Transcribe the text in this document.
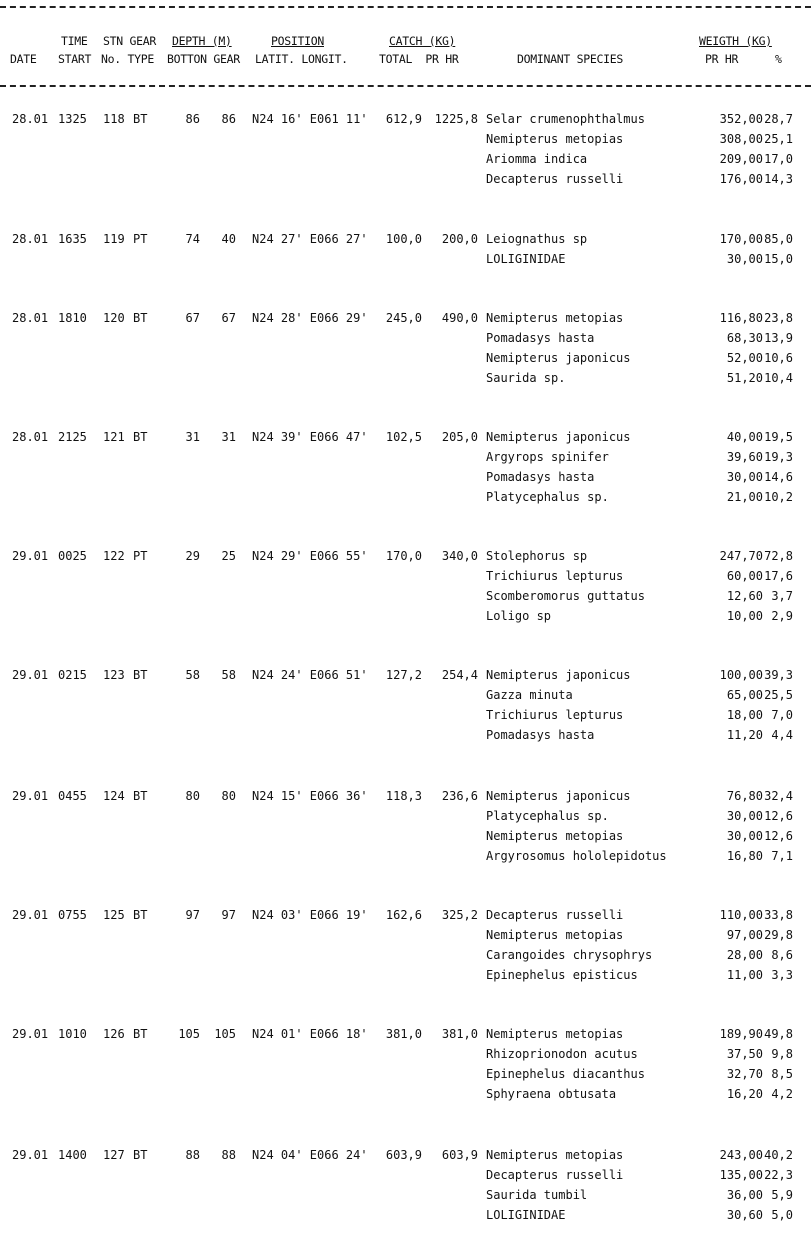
TIME STN GEAR DEPTH (M)	POSITION	CATCH (KG)	WEIGTH (KG)
DATE START No. TYPE BOTTON GEAR LATIT. LONGIT.	TOTAL  PR HR	DOMINANT SPECIES	PR HR	%
28.01 1325	118 BT	86	86 N24 16' E061 11'	612,9	1225,8 Selar crumenophthalmus	352,00 28,7
Nemipterus metopias	308,00 25,1
Ariomma indica	209,00 17,0
Decapterus russelli	176,00 14,3
28.01 1635	119 PT	74	40 N24 27' E066 27'	100,0	200,0 Leiognathus sp	170,00 85,0
LOLIGINIDAE	30,00 15,0
28.01 1810	120 BT	67	67 N24 28' E066 29'	245,0	490,0 Nemipterus metopias	116,80 23,8
Pomadasys hasta	68,30 13,9
Nemipterus japonicus	52,00 10,6
Saurida sp.	51,20 10,4
28.01 2125	121 BT	31	31 N24 39' E066 47'	102,5	205,0 Nemipterus japonicus	40,00 19,5
Argyrops spinifer	39,60 19,3
Pomadasys hasta	30,00 14,6
Platycephalus sp.	21,00 10,2
29.01 0025	122 PT	29	25 N24 29' E066 55'	170,0	340,0 Stolephorus sp	247,70 72,8
Trichiurus lepturus	60,00 17,6
Scomberomorus guttatus	12,60 3,7
Loligo sp	10,00 2,9
29.01 0215	123 BT	58	58 N24 24' E066 51'	127,2	254,4 Nemipterus japonicus	100,00 39,3
Gazza minuta	65,00 25,5
Trichiurus lepturus	18,00 7,0
Pomadasys hasta	11,20 4,4
29.01 0455	124 BT	80	80 N24 15' E066 36'	118,3	236,6 Nemipterus japonicus	76,80 32,4
Platycephalus sp.	30,00 12,6
Nemipterus metopias	30,00 12,6
Argyrosomus hololepidotus	16,80 7,1
29.01 0755	125 BT	97	97 N24 03' E066 19'	162,6	325,2 Decapterus russelli	110,00 33,8
Nemipterus metopias	97,00 29,8
Carangoides chrysophrys	28,00 8,6
Epinephelus episticus	11,00 3,3
29.01 1010	126 BT	105	105 N24 01' E066 18'	381,0	381,0 Nemipterus metopias	189,90 49,8
Rhizoprionodon acutus	37,50 9,8
Epinephelus diacanthus	32,70 8,5
Sphyraena obtusata	16,20 4,2
29.01 1400	127 BT	88	88 N24 04' E066 24'	603,9	603,9 Nemipterus metopias	243,00 40,2
Decapterus russelli	135,00 22,3
Saurida tumbil	36,00 5,9
LOLIGINIDAE	30,60 5,0
